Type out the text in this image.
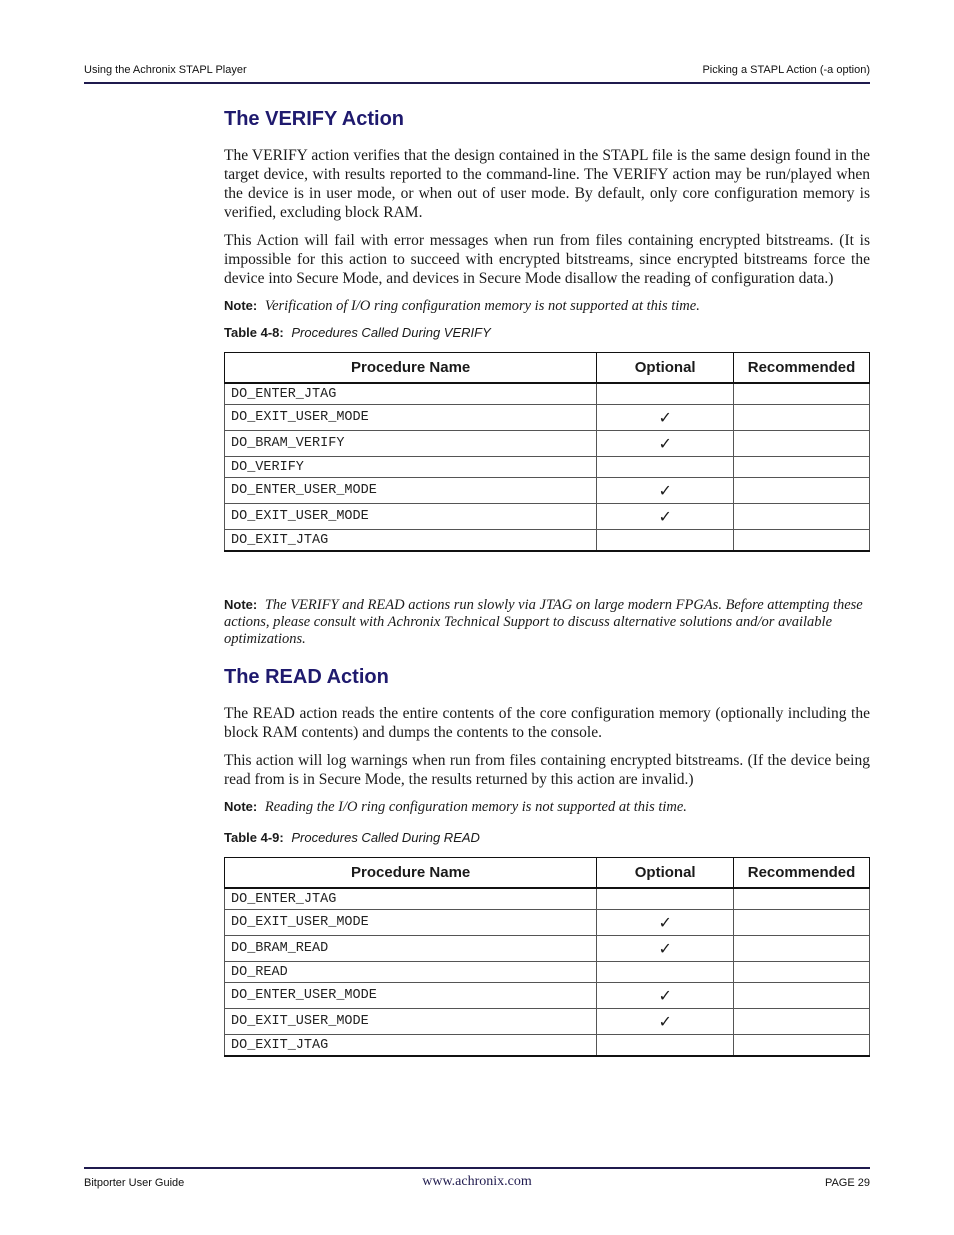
Using the Achronix STAPL Player	Picking a STAPL Action (-a option)
The VERIFY Action

The VERIFY action verifies that the design contained in the STAPL file is the same design found in the target device, with results reported to the command-line. The VERIFY action may be run/played when the device is in user mode, or when out of user mode. By default, only core configuration memory is verified, excluding block RAM.

This Action will fail with error messages when run from files containing encrypted bitstreams. (It is impossible for this action to succeed with encrypted bitstreams, since encrypted bitstreams force the device into Secure Mode, and devices in Secure Mode disallow the reading of configuration data.)

Note: Verification of I/O ring configuration memory is not supported at this time.

Table 4-8: Procedures Called During VERIFY
Procedure Name	Optional	Recommended
DO_ENTER_JTAG		
DO_EXIT_USER_MODE	✓	
DO_BRAM_VERIFY	✓	
DO_VERIFY		
DO_ENTER_USER_MODE	✓	
DO_EXIT_USER_MODE	✓	
DO_EXIT_JTAG		

Note: The VERIFY and READ actions run slowly via JTAG on large modern FPGAs. Before attempting these actions, please consult with Achronix Technical Support to discuss alternative solutions and/or available optimizations.

The READ Action

The READ action reads the entire contents of the core configuration memory (optionally including the block RAM contents) and dumps the contents to the console.

This action will log warnings when run from files containing encrypted bitstreams. (If the device being read from is in Secure Mode, the results returned by this action are invalid.)

Note: Reading the I/O ring configuration memory is not supported at this time.

Table 4-9: Procedures Called During READ
Procedure Name	Optional	Recommended
DO_ENTER_JTAG		
DO_EXIT_USER_MODE	✓	
DO_BRAM_READ	✓	
DO_READ		
DO_ENTER_USER_MODE	✓	
DO_EXIT_USER_MODE	✓	
DO_EXIT_JTAG		
Bitporter User Guide	www.achronix.com	PAGE 29
